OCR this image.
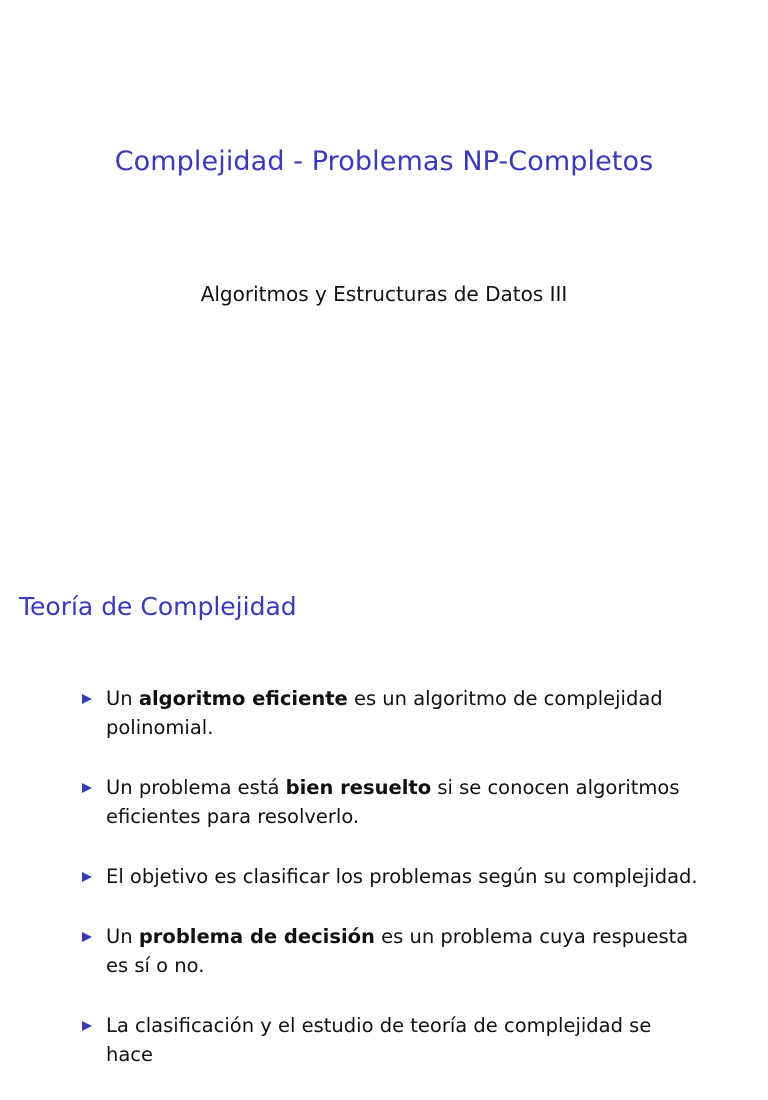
Complejidad - Problemas NP-Completos
Algoritmos y Estructuras de Datos III
Teoría de Complejidad
Un algoritmo eficiente es un algoritmo de complejidad polinomial.
Un problema está bien resuelto si se conocen algoritmos eficientes para resolverlo.
El objetivo es clasificar los problemas según su complejidad.
Un problema de decisión es un problema cuya respuesta es sí o no.
La clasificación y el estudio de teoría de complejidad se hace
